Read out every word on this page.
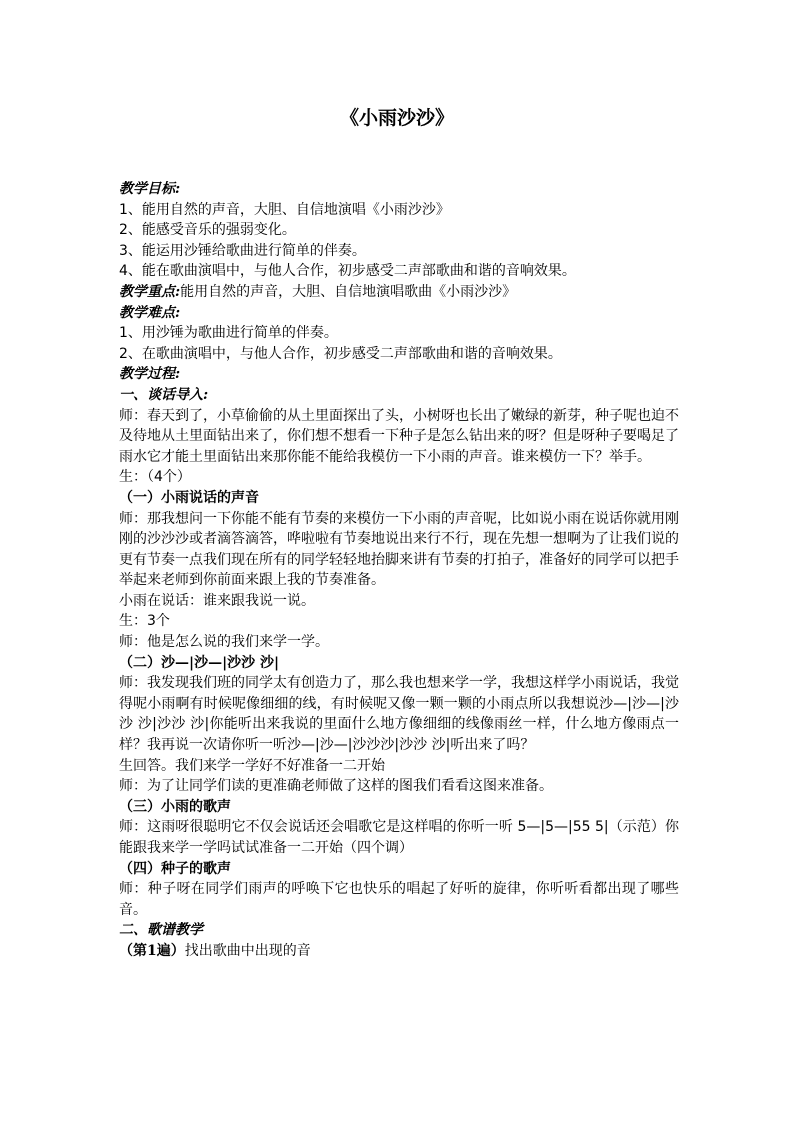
《小雨沙沙》

教学目标:

1、能用自然的声音，大胆、自信地演唱《小雨沙沙》

2、能感受音乐的强弱变化。

3、能运用沙锤给歌曲进行简单的伴奏。

4、能在歌曲演唱中，与他人合作，初步感受二声部歌曲和谐的音响效果。

教学重点:能用自然的声音，大胆、自信地演唱歌曲《小雨沙沙》

教学难点:

1、用沙锤为歌曲进行简单的伴奏。

2、在歌曲演唱中，与他人合作，初步感受二声部歌曲和谐的音响效果。

教学过程:

一、谈话导入:

师：春天到了，小草偷偷的从土里面探出了头，小树呀也长出了嫩绿的新芽，种子呢也迫不及待地从土里面钻出来了，你们想不想看一下种子是怎么钻出来的呀？但是呀种子要喝足了雨水它才能土里面钻出来那你能不能给我模仿一下小雨的声音。谁来模仿一下？举手。

生：（4个）

（一）小雨说话的声音

师：那我想问一下你能不能有节奏的来模仿一下小雨的声音呢，比如说小雨在说话你就用刚刚的沙沙沙或者滴答滴答，哗啦啦有节奏地说出来行不行，现在先想一想啊为了让我们说的更有节奏一点我们现在所有的同学轻轻地抬脚来讲有节奏的打拍子，准备好的同学可以把手举起来老师到你前面来跟上我的节奏准备。

小雨在说话：谁来跟我说一说。

生：3个

师：他是怎么说的我们来学一学。

（二）沙—|沙—|沙沙 沙|

师：我发现我们班的同学太有创造力了，那么我也想来学一学，我想这样学小雨说话，我觉得呢小雨啊有时候呢像细细的线，有时候呢又像一颗一颗的小雨点所以我想说沙—|沙—|沙沙 沙|沙沙 沙|你能听出来我说的里面什么地方像细细的线像雨丝一样，什么地方像雨点一样？我再说一次请你听一听沙—|沙—|沙沙沙|沙沙 沙|听出来了吗？

生回答。我们来学一学好不好准备一二开始

师：为了让同学们读的更准确老师做了这样的图我们看看这图来准备。

（三）小雨的歌声

师：这雨呀很聪明它不仅会说话还会唱歌它是这样唱的你听一听 5—|5—|55 5|（示范）你能跟我来学一学吗试试准备一二开始（四个调）

（四）种子的歌声

师：种子呀在同学们雨声的呼唤下它也快乐的唱起了好听的旋律，你听听看都出现了哪些音。

二、歌谱教学

（第1遍）找出歌曲中出现的音
